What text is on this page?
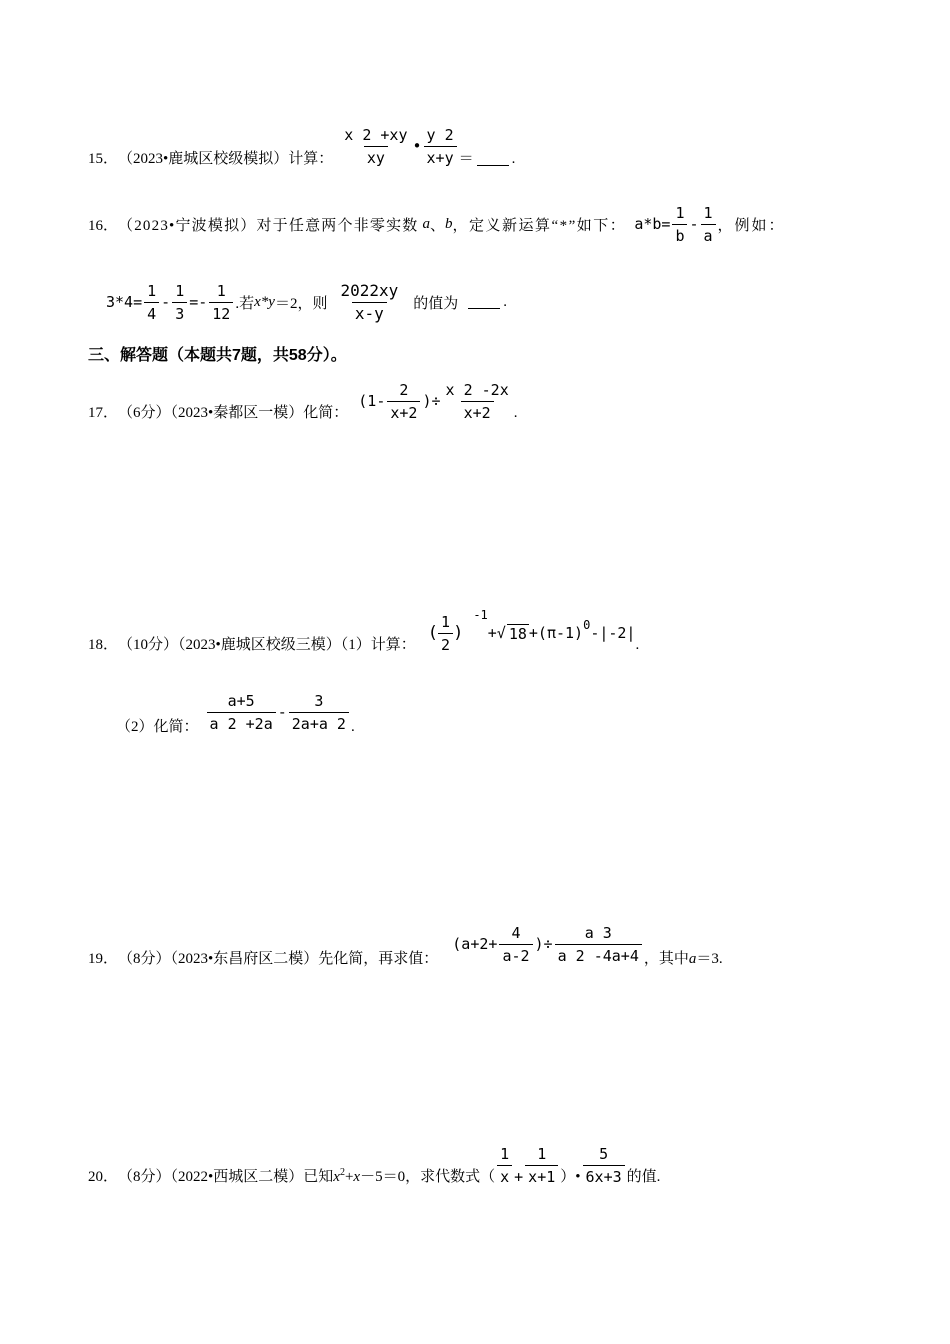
15． （2023•鹿城区校级模拟）计算： $\frac{x 2 +xy}{xy}$ • $\frac{y 2}{x+y}$ ＝	.
16． （2023•宁波模拟）对于任意两个非零实数 a 、 b ，定义新运算“*”如下： $a*b= \frac{1}{b} - \frac{1}{a}$ ，例如：
$3*4= \frac{1}{4} - \frac{1}{3} =- \frac{1}{12}$ .若 x*y ＝2，则 $\frac{2022xy}{x-y}$ 的值为	.
三、解答题（本题共7题，共58分）。
17． （6分）（2023•秦都区一模）化简：
($1- \frac{2}{x+2}$ )÷ $\frac{x 2 -2x}{x+2}$ .
18． （10分）（2023•鹿城区校级三模）（1）计算：
( $\frac{1}{2}$ )
-1
+ √ 18 +(π-1) 0 -|-2|
.
（2）化简： $\frac{a+5}{a 2 +2a} - \frac{3}{2a+a 2}$ .
19． （8分）（2023•东昌府区二模）先化简，再求值：
($a+2+ \frac{4}{a-2}$ )÷ $\frac{a 3}{a 2 -4a+4}$ ，其中 a ＝3.
20． （8分）（2022•西城区二模）已知 x 2 + x －5＝0，求代数式（ $\frac{1}{x} + \frac{1}{x+1}$ ）• $\frac{5}{6x+3}$ 的值.
